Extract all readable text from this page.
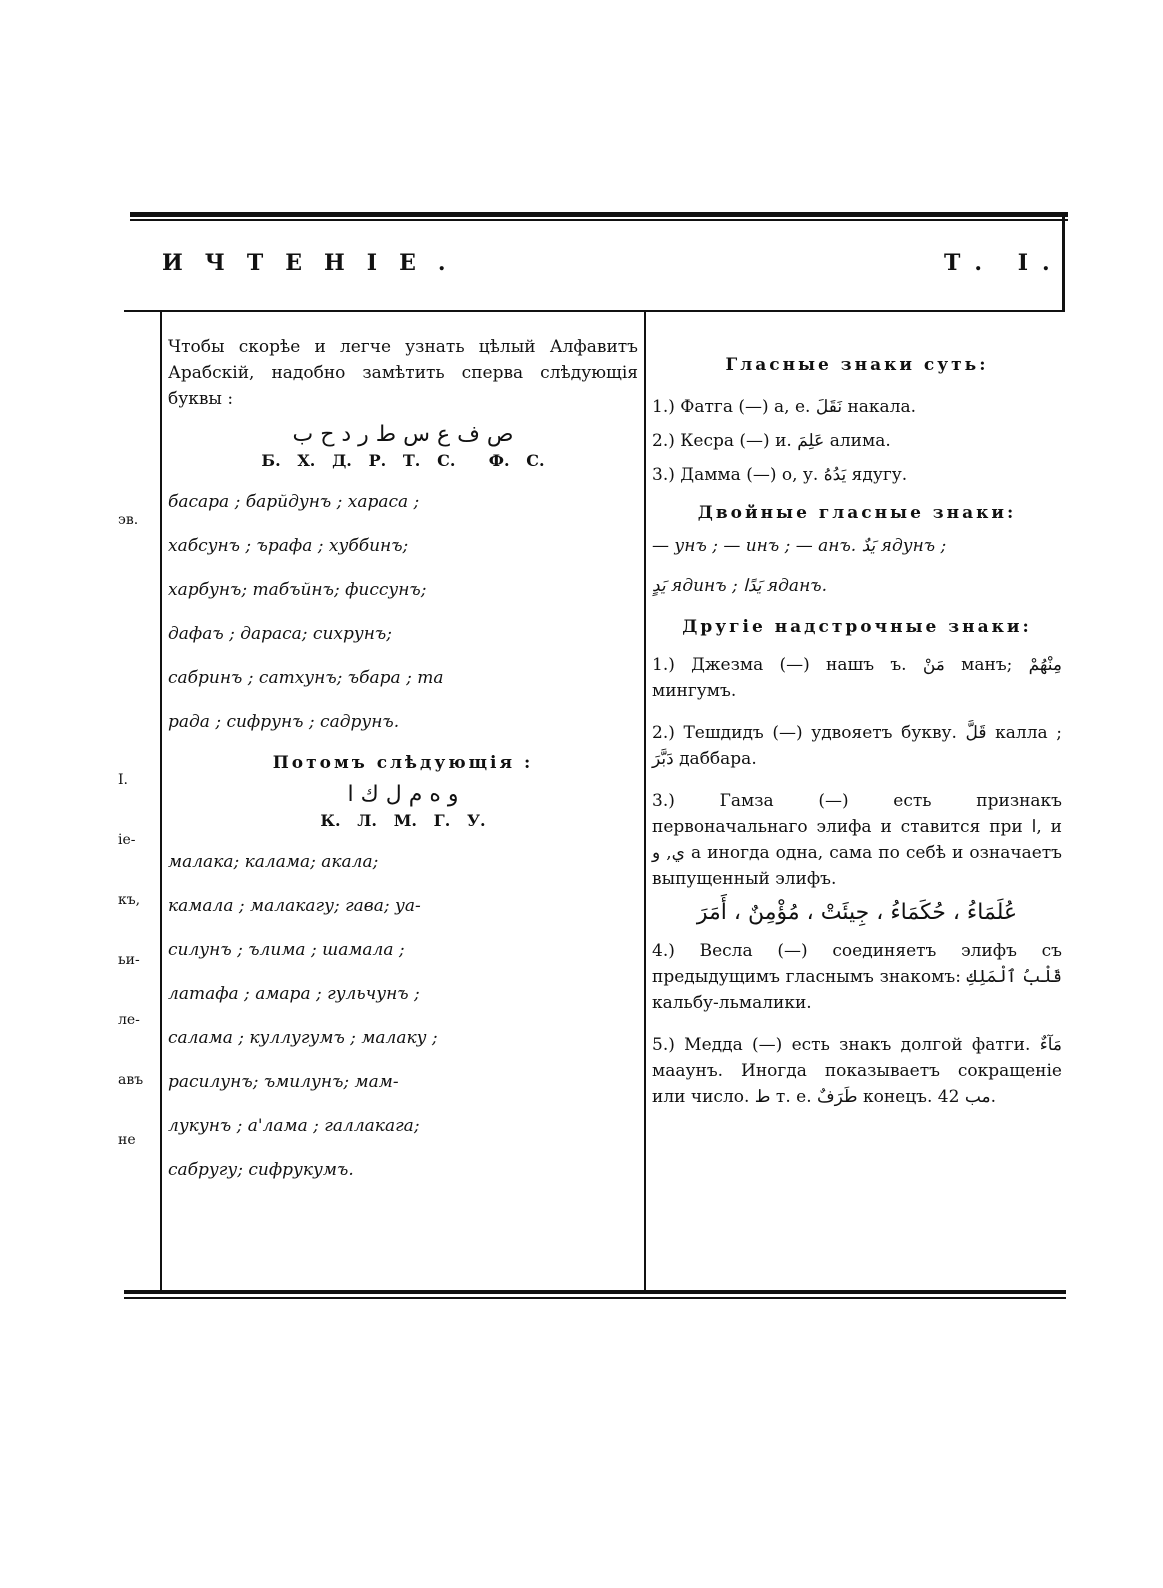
ИЧТЕНІЕ.	Т. I.
эв.
I.
іе-
къ,
ьи-
ле-
авъ
не

Чтобы скорѣе и легче узнать цѣлый Алфавитъ Арабскій, надобно замѣтить сперва слѣдующія буквы :

ص ف ع س ط ر د ح ب
Б.   Х.   Д.   Р.   Т.   С.      Ф.   С.
бaсара ; барйдунъ ; харaса ;
хабсунъ ; ърафа ; хуббинъ;
харбунъ; табъйнъ; фиссунъ;
дафаъ ; дараса; сихрунъ;
сабринъ ; сатхунъ; ъбара ; та
рада ; сифрунъ ; садрунъ.
Потомъ слѣдующія :
و ه م ل ك ا
К.   Л.   М.   Г.   У.
малака; калама; акала;
камала ; малакагу; гава; уа-
силунъ ; ълима ; шамала ;
латафа ; амара ; гульчунъ ;
салама ; куллугумъ ; малаку ;
расилунъ; ъмилунъ; мам-
лукунъ ; а'лама ; галлакага;
сабругу; сифрукумъ.
Гласные знаки суть:
1.) Фатга (—) а, е. نَقَلَ накала.
2.) Кесра (—) и. عَلِمَ алима.
3.) Дамма (—) о, у. يَدُهُ ядугу.
Двойные гласные знаки:
— унъ ; — инъ ; — анъ. يَدٌ ядунъ ;
يَدٍ ядинъ ; يَدًا яданъ.
Другіе надстрочные знаки:

1.) Джезма (—) нашъ ъ. مَنْ манъ; مِنْهُمْ мингумъ.

2.) Тешдидъ (—) удвояетъ букву. قَلَّ калла ; دَبَّرَ даббара.

3.) Гамза (—) есть признакъ первоначальнаго элифа и ставится при ا, и ي, و а иногда одна, сама по себѣ и означаетъ выпущенный элифъ.

عُلَمَاءُ ، حُكَمَاءُ ، جِيئَتْ ، مُؤْمِنٌ ، أَمَرَ

4.) Весла (—) соединяетъ элифъ съ предыдущимъ гласнымъ знакомъ: قَلْبُ ٱلْمَلِكِ кальбу-льмалики.

5.) Медда (—) есть знакъ долгой фатги. مَآءٌ мааунъ. Иногда показываетъ сокращеніе или число. ط т. е. طَرَفٌ конецъ. مب 42.
